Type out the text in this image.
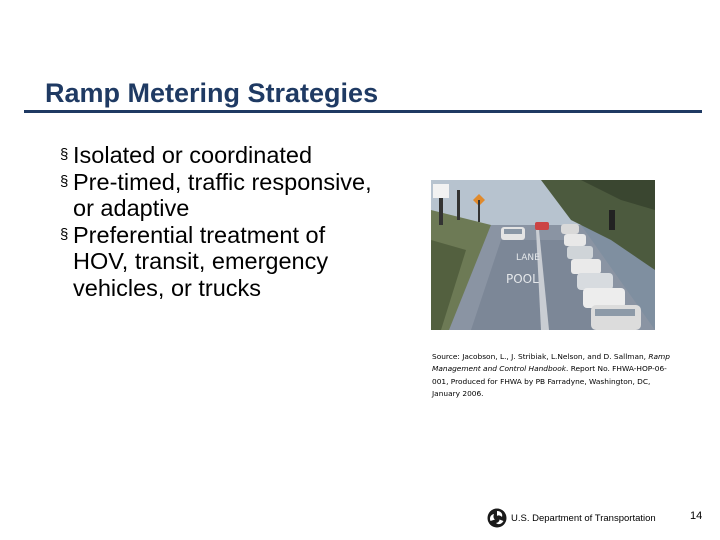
Ramp Metering Strategies
§ Isolated or coordinated
§ Pre-timed, traffic responsive, or adaptive
§ Preferential treatment of HOV, transit, emergency vehicles, or trucks
LANE
POOL
Source: Jacobson, L., J. Stribiak, L.Nelson, and D. Sallman, Ramp Management and Control Handbook. Report No. FHWA-HOP-06-001, Produced for FHWA by PB Farradyne, Washington, DC, January 2006.
U.S. Department of Transportation	14
